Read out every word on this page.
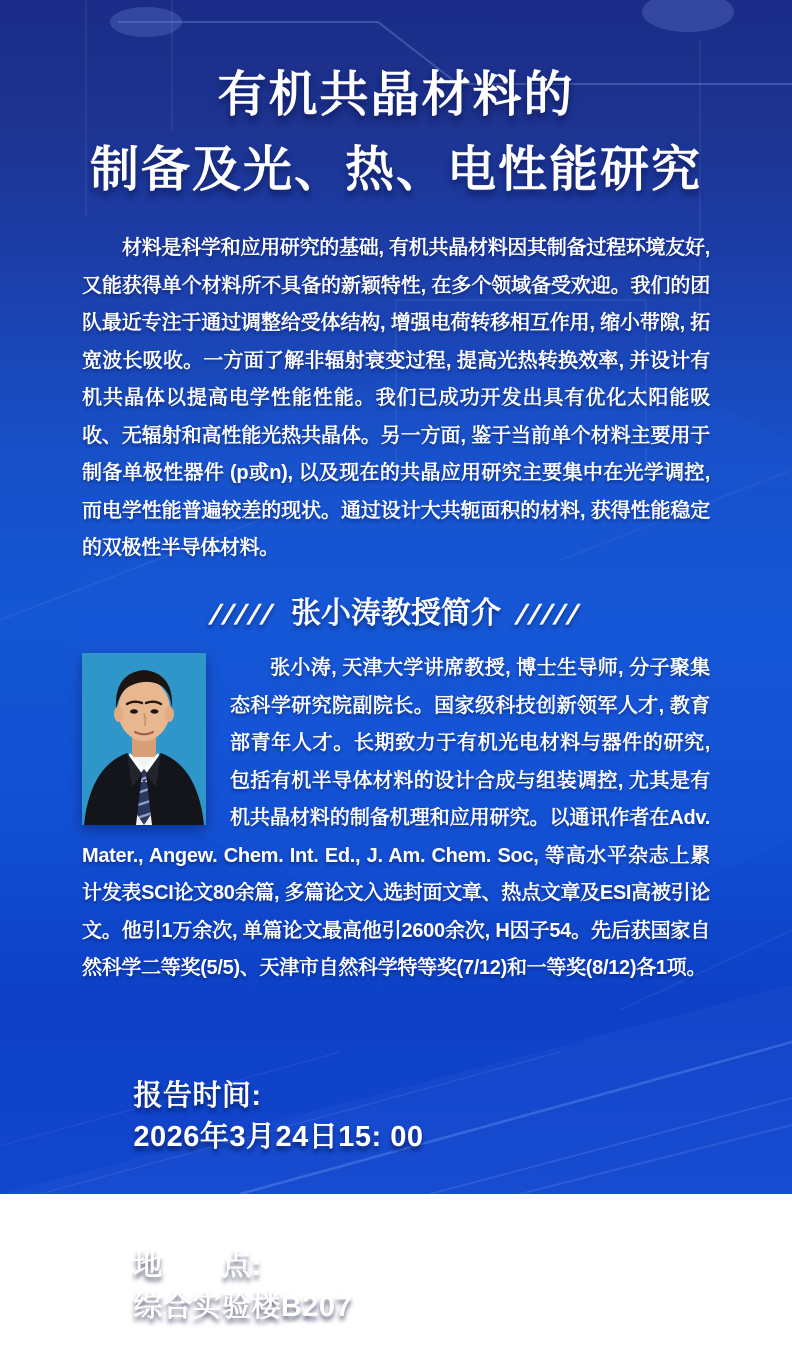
有机共晶材料的
制备及光、热、电性能研究

材料是科学和应用研究的基础, 有机共晶材料因其制备过程环境友好, 又能获得单个材料所不具备的新颖特性, 在多个领域备受欢迎。我们的团队最近专注于通过调整给受体结构, 增强电荷转移相互作用, 缩小带隙, 拓宽波长吸收。一方面了解非辐射衰变过程, 提高光热转换效率, 并设计有机共晶体以提高电学性能性能。我们已成功开发出具有优化太阳能吸收、无辐射和高性能光热共晶体。另一方面, 鉴于当前单个材料主要用于制备单极性器件 (p或n), 以及现在的共晶应用研究主要集中在光学调控, 而电学性能普遍较差的现状。通过设计大共轭面积的材料, 获得性能稳定的双极性半导体材料。

///// 张小涛教授简介 /////

张小涛, 天津大学讲席教授, 博士生导师, 分子聚集态科学研究院副院长。国家级科技创新领军人才, 教育部青年人才。长期致力于有机光电材料与器件的研究, 包括有机半导体材料的设计合成与组装调控, 尤其是有机共晶材料的制备机理和应用研究。以通讯作者在Adv. Mater., Angew. Chem. Int. Ed., J. Am. Chem. Soc, 等高水平杂志上累计发表SCI论文80余篇, 多篇论文入选封面文章、热点文章及ESI高被引论文。他引1万余次, 单篇论文最高他引2600余次, H因子54。先后获国家自然科学二等奖(5/5)、天津市自然科学特等奖(7/12)和一等奖(8/12)各1项。

报告时间:
2026年3月24日15: 00

地　　点:
综合实验楼B207
